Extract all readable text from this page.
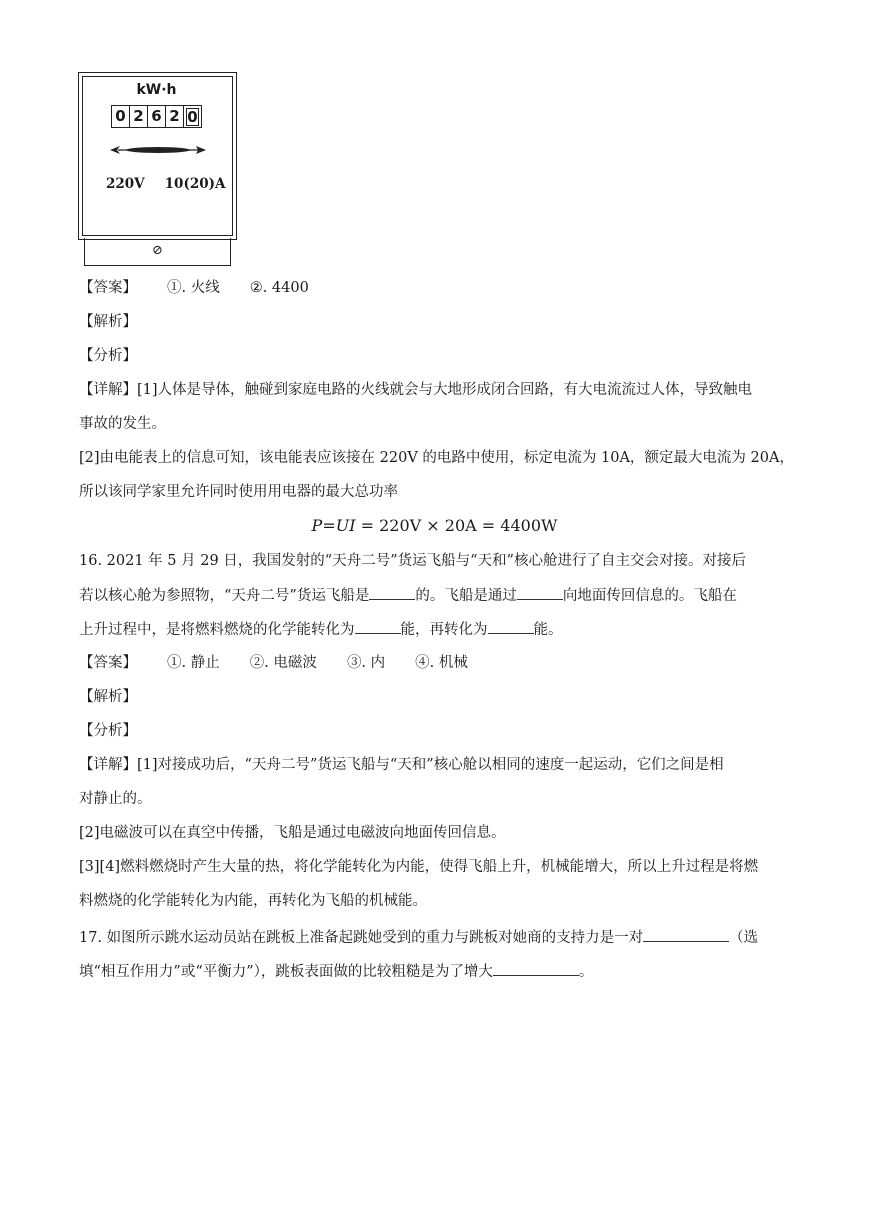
kW·h
0 2 6 2 0
220V 10(20)A
⊘
【答案】 ①. 火线 ②. 4400
【解析】
【分析】
【详解】[1]人体是导体，触碰到家庭电路的火线就会与大地形成闭合回路，有大电流流过人体，导致触电
事故的发生。
[2]由电能表上的信息可知，该电能表应该接在 220V 的电路中使用，标定电流为 10A，额定最大电流为 20A，
所以该同学家里允许同时使用用电器的最大总功率
P=UI = 220V × 20A = 4400W
16. 2021 年 5 月 29 日，我国发射的“天舟二号”货运飞船与“天和”核心舱进行了自主交会对接。对接后
若以核心舱为参照物，“天舟二号”货运飞船是	的。飞船是通过	向地面传回信息的。飞船在
上升过程中，是将燃料燃烧的化学能转化为	能，再转化为	能。
【答案】 ①. 静止 ②. 电磁波 ③. 内 ④. 机械
【解析】
【分析】
【详解】[1]对接成功后，“天舟二号”货运飞船与“天和”核心舱以相同的速度一起运动，它们之间是相
对静止的。
[2]电磁波可以在真空中传播，飞船是通过电磁波向地面传回信息。
[3][4]燃料燃烧时产生大量的热，将化学能转化为内能，使得飞船上升，机械能增大，所以上升过程是将燃
料燃烧的化学能转化为内能，再转化为飞船的机械能。
17. 如图所示跳水运动员站在跳板上准备起跳她受到的重力与跳板对她商的支持力是一对	（选
填“相互作用力”或“平衡力”），跳板表面做的比较粗糙是为了增大	。
